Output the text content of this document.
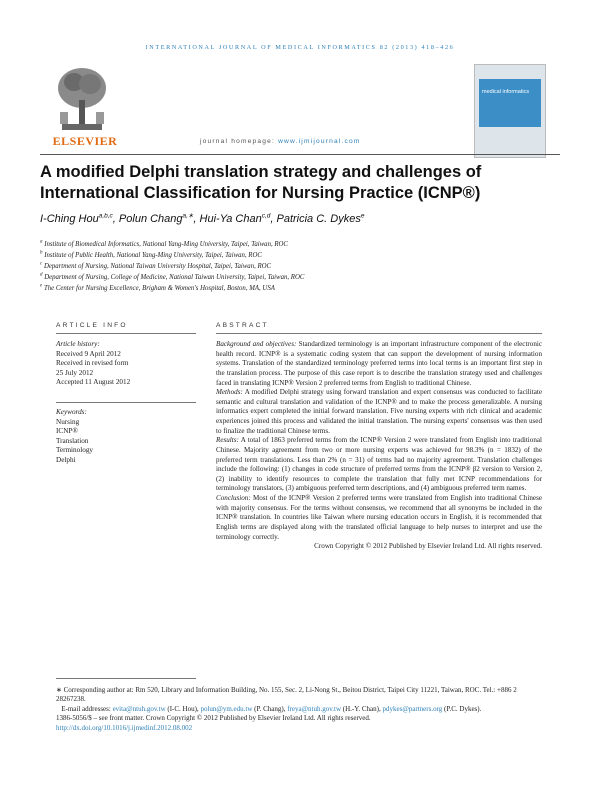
INTERNATIONAL JOURNAL OF MEDICAL INFORMATICS 82 (2013) 418–426
ELSEVIER	journal homepage: www.ijmijournal.com
medical informatics
A modified Delphi translation strategy and challenges of International Classification for Nursing Practice (ICNP®)
I-Ching Hou$^{a,b,c}$, Polun Chang$^{a,∗}$, Hui-Ya Chan$^{c,d}$, Patricia C. Dykes$^e$
$^a$ Institute of Biomedical Informatics, National Yang-Ming University, Taipei, Taiwan, ROC
$^b$ Institute of Public Health, National Yang-Ming University, Taipei, Taiwan, ROC
$^c$ Department of Nursing, National Taiwan University Hospital, Taipei, Taiwan, ROC
$^d$ Department of Nursing, College of Medicine, National Taiwan University, Taipei, Taiwan, ROC
$^e$ The Center for Nursing Excellence, Brigham & Women's Hospital, Boston, MA, USA
ARTICLE INFO	ABSTRACT
Article history:
Received 9 April 2012
Received in revised form
25 July 2012
Accepted 11 August 2012
Keywords:
Nursing
ICNP®
Translation
Terminology
Delphi

Background and objectives: Standardized terminology is an important infrastructure component of the electronic health record. ICNP® is a systematic coding system that can support the development of nursing information systems. Translation of the standardized terminology preferred terms into local terms is an important first step in the translation process. The purpose of this case report is to describe the translation strategy used and challenges faced in translating ICNP® Version 2 preferred terms from English to traditional Chinese.

Methods: A modified Delphi strategy using forward translation and expert consensus was conducted to facilitate semantic and cultural translation and validation of the ICNP® and to make the process generalizable. A nursing informatics expert completed the initial forward translation. Five nursing experts with rich clinical and academic experiences joined this process and validated the initial translation. The nursing experts' consensus was then used to finalize the traditional Chinese terms.

Results: A total of 1863 preferred terms from the ICNP® Version 2 were translated from English into traditional Chinese. Majority agreement from two or more nursing experts was achieved for 98.3% (n = 1832) of the preferred term translations. Less than 2% (n = 31) of terms had no majority agreement. Translation challenges include the following: (1) changes in code structure of preferred terms from the ICNP® β2 version to Version 2, (2) inability to identify resources to complete the translation that fully met ICNP recommendations for terminology translators, (3) ambiguous preferred term descriptions, and (4) ambiguous preferred term names.

Conclusion: Most of the ICNP® Version 2 preferred terms were translated from English into traditional Chinese with majority consensus. For the terms without consensus, we recommend that all synonyms be included in the ICNP® translation. In countries like Taiwan where nursing education occurs in English, it is recommended that English terms are displayed along with the translated official language to help nurses to interpret and use the terminology correctly.

Crown Copyright © 2012 Published by Elsevier Ireland Ltd. All rights reserved.

∗ Corresponding author at: Rm 520, Library and Information Building, No. 155, Sec. 2, Li-Nong St., Beitou District, Taipei City 11221, Taiwan, ROC. Tel.: +886 2 28267238.

E-mail addresses: evita@ntuh.gov.tw (I-C. Hou), polun@ym.edu.tw (P. Chang), freya@ntuh.gov.tw (H.-Y. Chan), pdykes@partners.org (P.C. Dykes).

1386-5056/$ – see front matter. Crown Copyright © 2012 Published by Elsevier Ireland Ltd. All rights reserved.

http://dx.doi.org/10.1016/j.ijmedinf.2012.08.002
